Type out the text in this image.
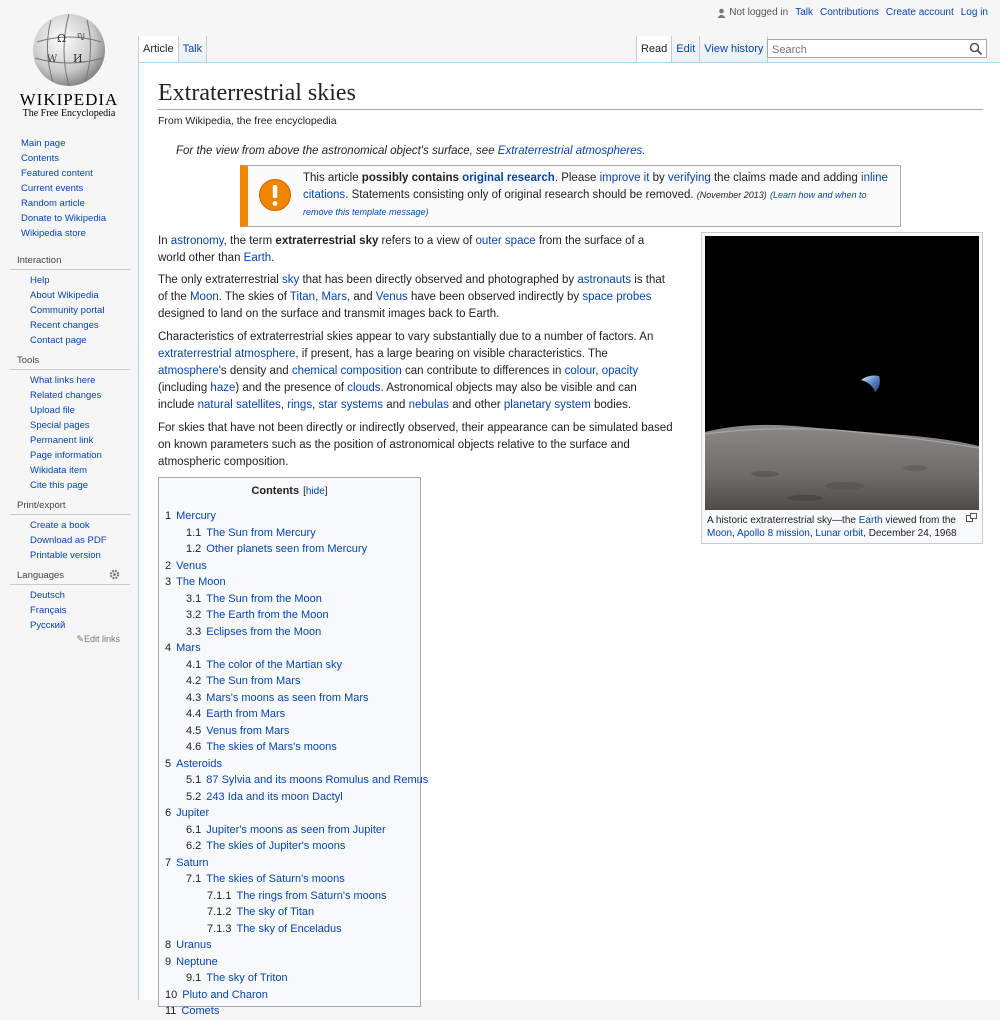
Ω
И
W
ญ
WIKIPEDIA
The Free Encyclopedia
Not logged in Talk Contributions Create account Log in
Article Talk	Read Edit View history
Search
Main page
Contents
Featured content
Current events
Random article
Donate to Wikipedia
Wikipedia store
Interaction
Help
About Wikipedia
Community portal
Recent changes
Contact page
Tools
What links here
Related changes
Upload file
Special pages
Permanent link
Page information
Wikidata item
Cite this page
Print/export
Create a book
Download as PDF
Printable version
Languages
Deutsch
Français
Русский
✎Edit links
Extraterrestrial skies
From Wikipedia, the free encyclopedia
For the view from above the astronomical object's surface, see Extraterrestrial atmospheres.
This article possibly contains original research. Please improve it by verifying the claims made and adding inline citations. Statements consisting only of original research should be removed. (November 2013) (Learn how and when to remove this template message)

In astronomy, the term extraterrestrial sky refers to a view of outer space from the surface of a world other than Earth.

The only extraterrestrial sky that has been directly observed and photographed by astronauts is that of the Moon. The skies of Titan, Mars, and Venus have been observed indirectly by space probes designed to land on the surface and transmit images back to Earth.

Characteristics of extraterrestrial skies appear to vary substantially due to a number of factors. An extraterrestrial atmosphere, if present, has a large bearing on visible characteristics. The atmosphere's density and chemical composition can contribute to differences in colour, opacity (including haze) and the presence of clouds. Astronomical objects may also be visible and can include natural satellites, rings, star systems and nebulas and other planetary system bodies.

For skies that have not been directly or indirectly observed, their appearance can be simulated based on known parameters such as the position of astronomical objects relative to the surface and atmospheric composition.

A historic extraterrestrial sky—the Earth viewed from the Moon, Apollo 8 mission, Lunar orbit, December 24, 1968
Contents [hide]
1 Mercury
1.1 The Sun from Mercury
1.2 Other planets seen from Mercury
2 Venus
3 The Moon
3.1 The Sun from the Moon
3.2 The Earth from the Moon
3.3 Eclipses from the Moon
4 Mars
4.1 The color of the Martian sky
4.2 The Sun from Mars
4.3 Mars's moons as seen from Mars
4.4 Earth from Mars
4.5 Venus from Mars
4.6 The skies of Mars's moons
5 Asteroids
5.1 87 Sylvia and its moons Romulus and Remus
5.2 243 Ida and its moon Dactyl
6 Jupiter
6.1 Jupiter's moons as seen from Jupiter
6.2 The skies of Jupiter's moons
7 Saturn
7.1 The skies of Saturn's moons
7.1.1 The rings from Saturn's moons
7.1.2 The sky of Titan
7.1.3 The sky of Enceladus
8 Uranus
9 Neptune
9.1 The sky of Triton
10 Pluto and Charon
11 Comets
